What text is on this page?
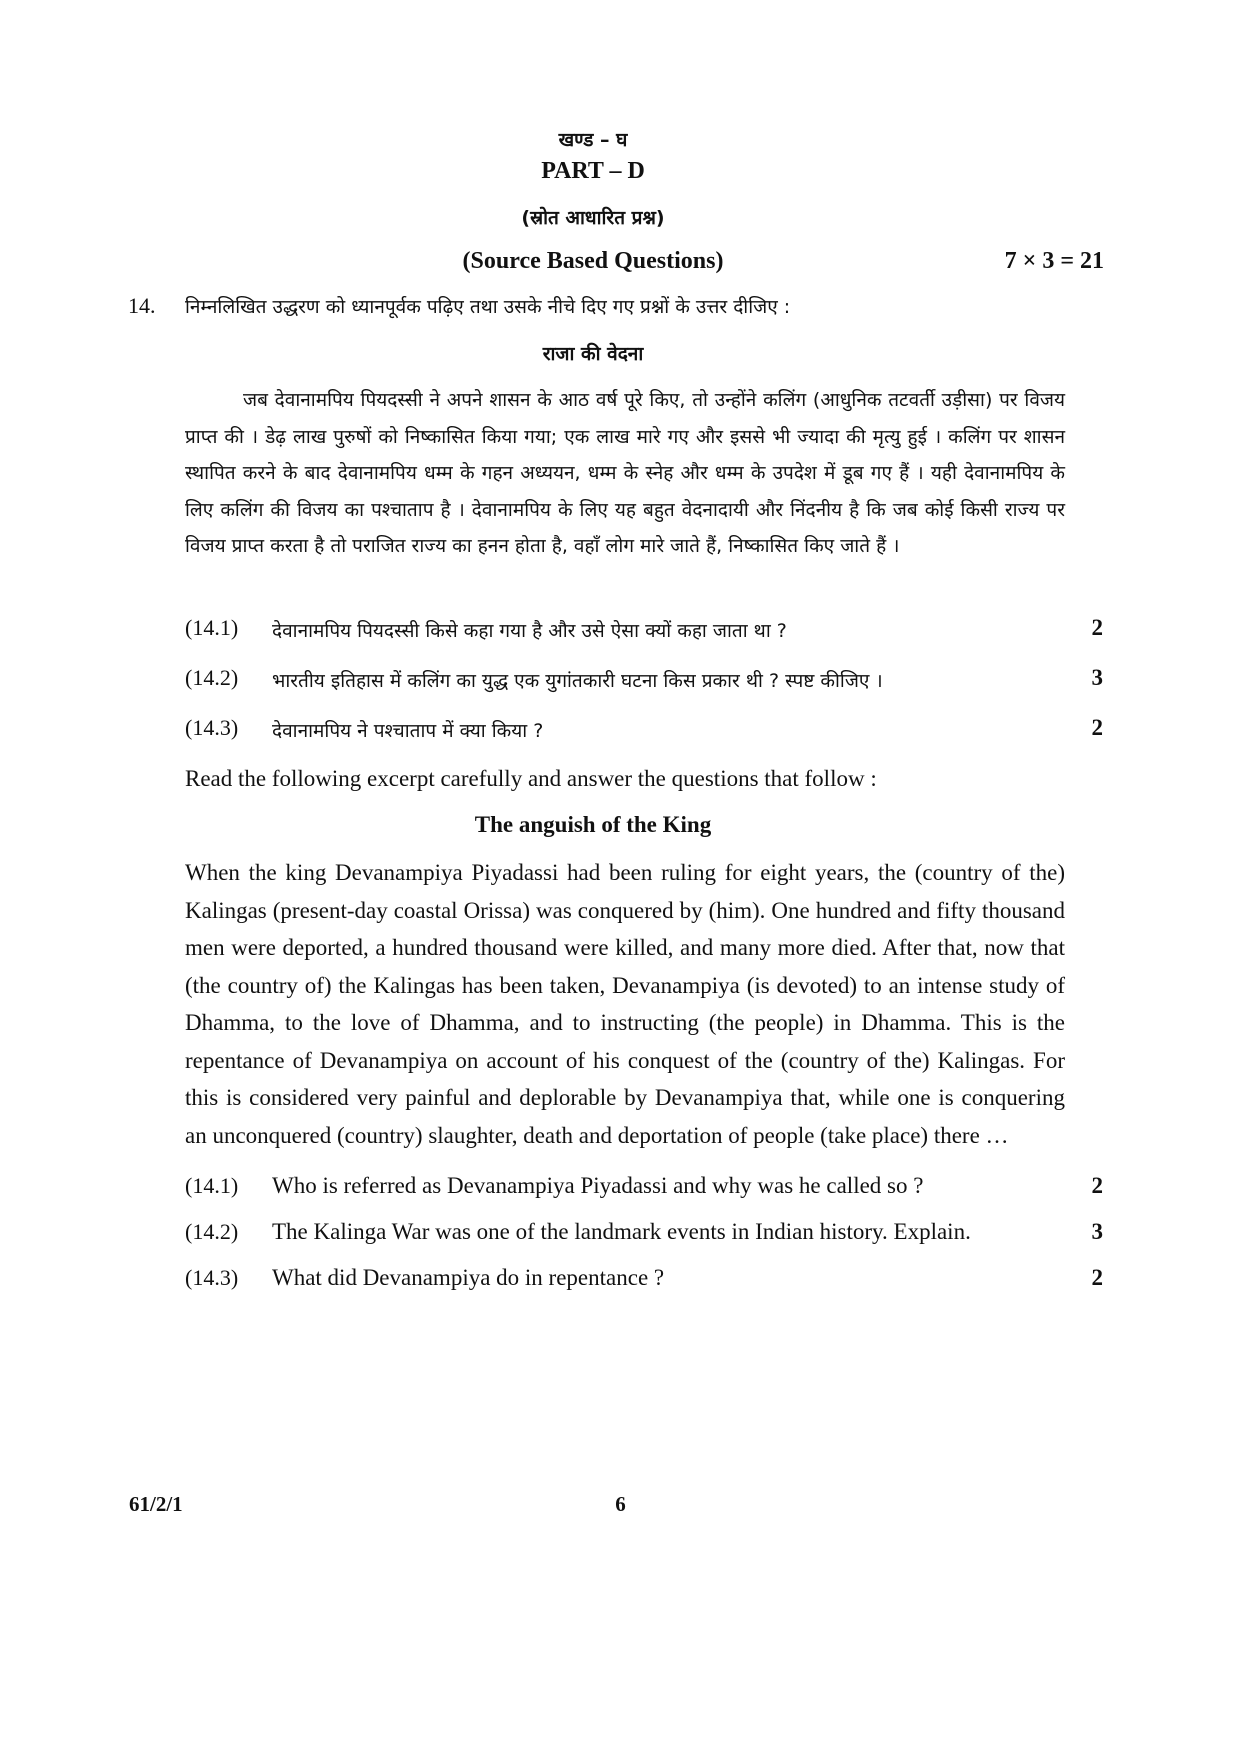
खण्ड – घ
PART – D
(स्रोत आधारित प्रश्न)
(Source Based Questions)	7 × 3 = 21
14. निम्नलिखित उद्धरण को ध्यानपूर्वक पढ़िए तथा उसके नीचे दिए गए प्रश्नों के उत्तर दीजिए :
राजा की वेदना
जब देवानामपिय पियदस्सी ने अपने शासन के आठ वर्ष पूरे किए, तो उन्होंने कलिंग (आधुनिक तटवर्ती उड़ीसा) पर विजय प्राप्त की । डेढ़ लाख पुरुषों को निष्कासित किया गया; एक लाख मारे गए और इससे भी ज्यादा की मृत्यु हुई । कलिंग पर शासन स्थापित करने के बाद देवानामपिय धम्म के गहन अध्ययन, धम्म के स्नेह और धम्म के उपदेश में डूब गए हैं । यही देवानामपिय के लिए कलिंग की विजय का पश्चाताप है । देवानामपिय के लिए यह बहुत वेदनादायी और निंदनीय है कि जब कोई किसी राज्य पर विजय प्राप्त करता है तो पराजित राज्य का हनन होता है, वहाँ लोग मारे जाते हैं, निष्कासित किए जाते हैं ।
(14.1) देवानामपिय पियदस्सी किसे कहा गया है और उसे ऐसा क्यों कहा जाता था ?	2
(14.2) भारतीय इतिहास में कलिंग का युद्ध एक युगांतकारी घटना किस प्रकार थी ? स्पष्ट कीजिए ।	3
(14.3) देवानामपिय ने पश्चाताप में क्या किया ?	2
Read the following excerpt carefully and answer the questions that follow :
The anguish of the King
When the king Devanampiya Piyadassi had been ruling for eight years, the (country of the) Kalingas (present-day coastal Orissa) was conquered by (him). One hundred and fifty thousand men were deported, a hundred thousand were killed, and many more died. After that, now that (the country of) the Kalingas has been taken, Devanampiya (is devoted) to an intense study of Dhamma, to the love of Dhamma, and to instructing (the people) in Dhamma. This is the repentance of Devanampiya on account of his conquest of the (country of the) Kalingas. For this is considered very painful and deplorable by Devanampiya that, while one is conquering an unconquered (country) slaughter, death and deportation of people (take place) there …
(14.1) Who is referred as Devanampiya Piyadassi and why was he called so ?	2
(14.2) The Kalinga War was one of the landmark events in Indian history. Explain.	3
(14.3) What did Devanampiya do in repentance ?	2
61/2/1	6
